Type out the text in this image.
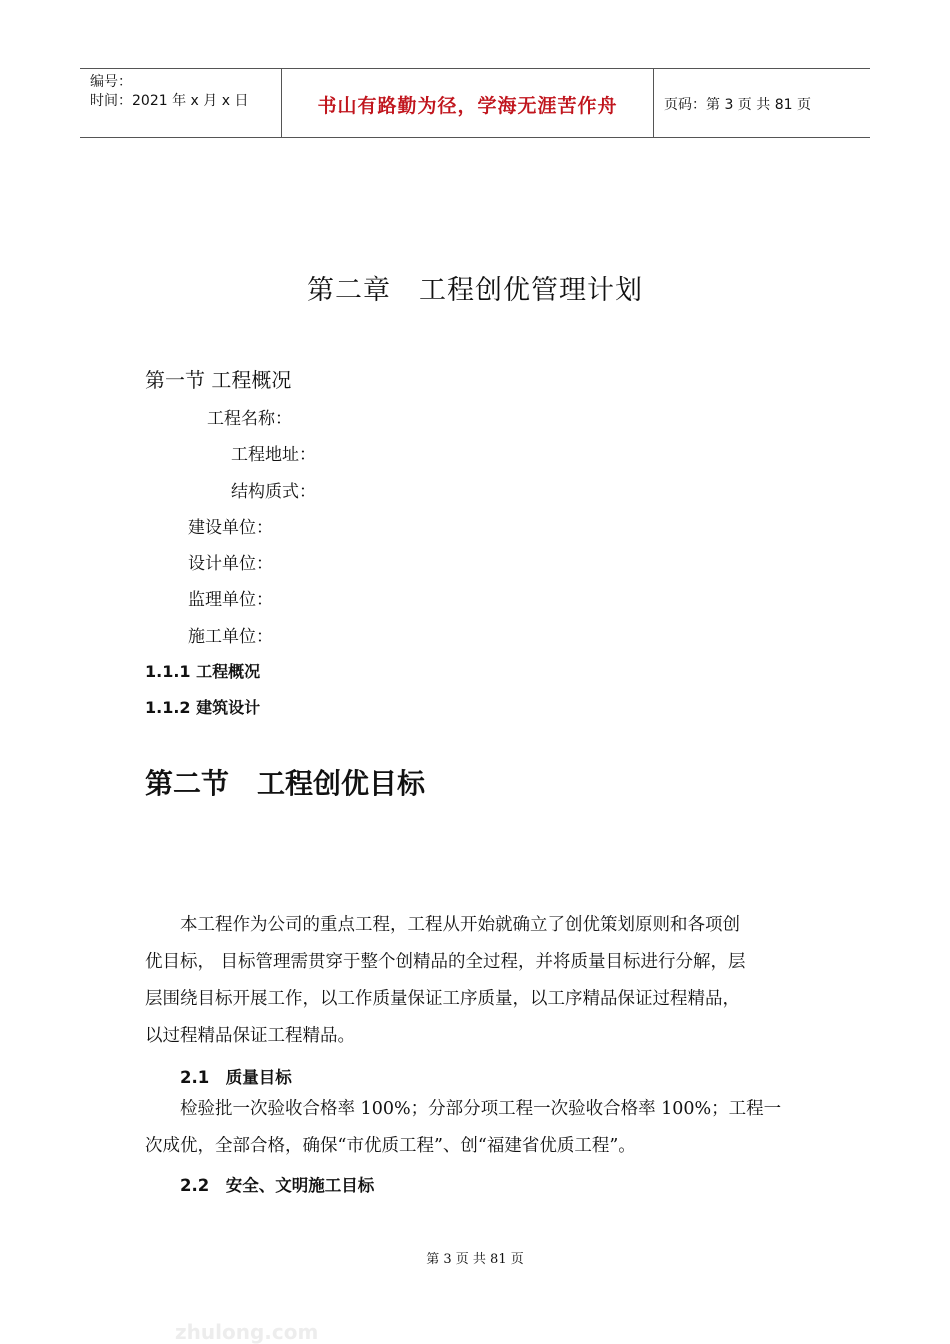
编号：
时间：2021 年 x 月 x 日	书山有路勤为径，学海无涯苦作舟	页码：第 3 页 共 81 页
第二章　工程创优管理计划
第一节 工程概况
工程名称：
工程地址：
结构质式：
建设单位：
设计单位：
监理单位：
施工单位：
1.1.1 工程概况
1.1.2 建筑设计
第二节　工程创优目标
本工程作为公司的重点工程，工程从开始就确立了创优策划原则和各项创
优目标， 目标管理需贯穿于整个创精品的全过程，并将质量目标进行分解，层
层围绕目标开展工作，以工作质量保证工序质量，以工序精品保证过程精品，
以过程精品保证工程精品。
2.1　质量目标
检验批一次验收合格率 100%；分部分项工程一次验收合格率 100%；工程一
次成优，全部合格，确保“市优质工程”、创“福建省优质工程”。
2.2　安全、文明施工目标
第 3 页 共 81 页
zhulong.com
